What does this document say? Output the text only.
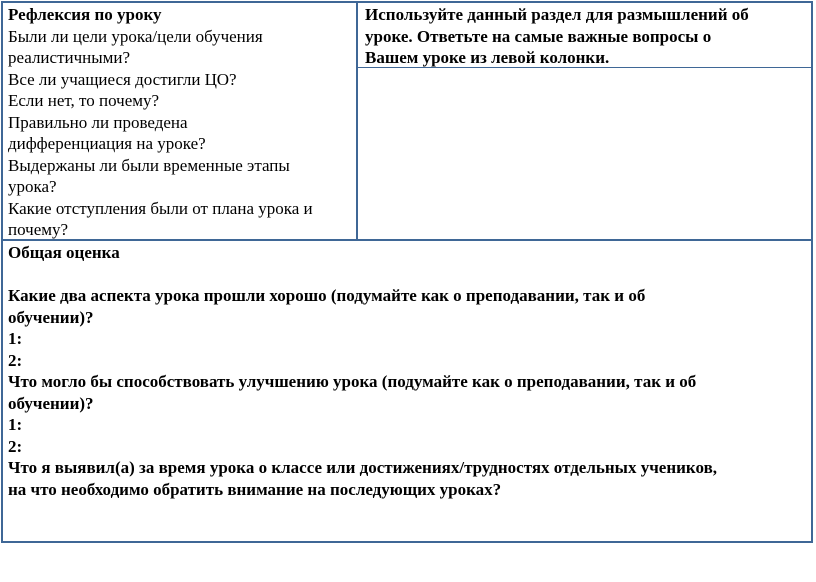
Рефлексия по уроку
Были ли цели урока/цели обучения
реалистичными?
Все ли учащиеся достигли ЦО?
Если нет, то почему?
Правильно ли проведена
дифференциация на уроке?
Выдержаны ли были временные этапы
урока?
Какие отступления были от плана урока и
почему?
Используйте данный раздел для размышлений об
уроке. Ответьте на самые важные вопросы о
Вашем уроке из левой колонки.
Общая оценка
Какие два аспекта урока прошли хорошо (подумайте как о преподавании, так и об
обучении)?
1:
2:
Что могло бы способствовать улучшению урока (подумайте как о преподавании, так и об
обучении)?
1:
2:
Что я выявил(а) за время урока о классе или достижениях/трудностях отдельных учеников,
на что необходимо обратить внимание на последующих уроках?
